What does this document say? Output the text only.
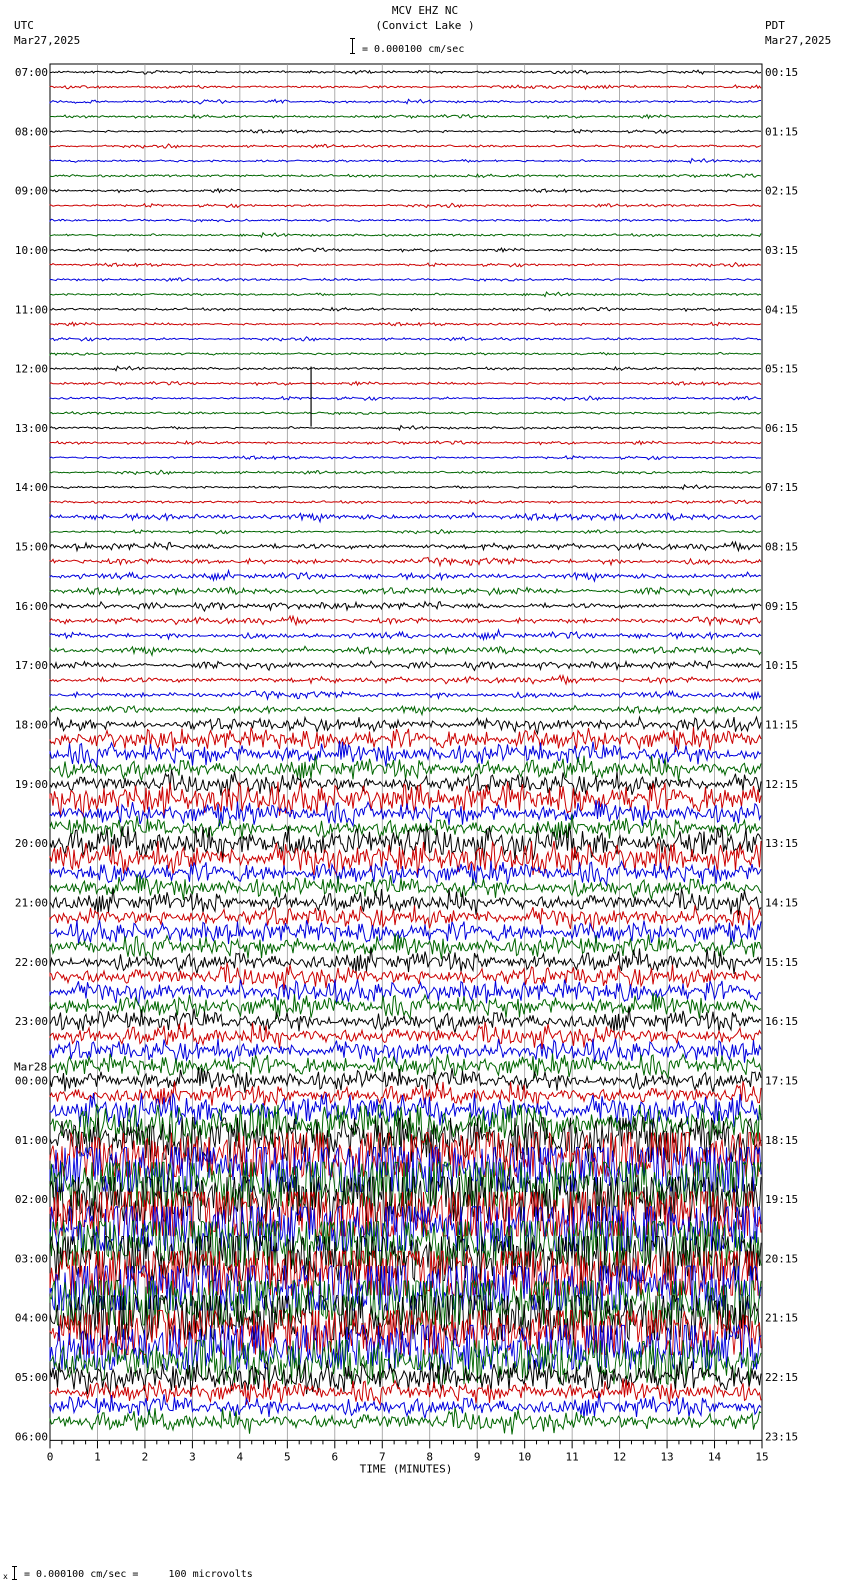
MCV EHZ NC
(Convict Lake )
UTC
Mar27,2025
PDT
Mar27,2025
= 0.000100 cm/sec
07:00
08:00
09:00
10:00
11:00
12:00
13:00
14:00
15:00
16:00
17:00
18:00
19:00
20:00
21:00
22:00
23:00
00:00
Mar28
01:00
02:00
03:00
04:00
05:00
06:00
00:15
01:15
02:15
03:15
04:15
05:15
06:15
07:15
08:15
09:15
10:15
11:15
12:15
13:15
14:15
15:15
16:15
17:15
18:15
19:15
20:15
21:15
22:15
23:15
0	1	2	3	4	5	6	7	8	9	10	11	12	13	14	15
TIME (MINUTES)
x = 0.000100 cm/sec =     100 microvolts
